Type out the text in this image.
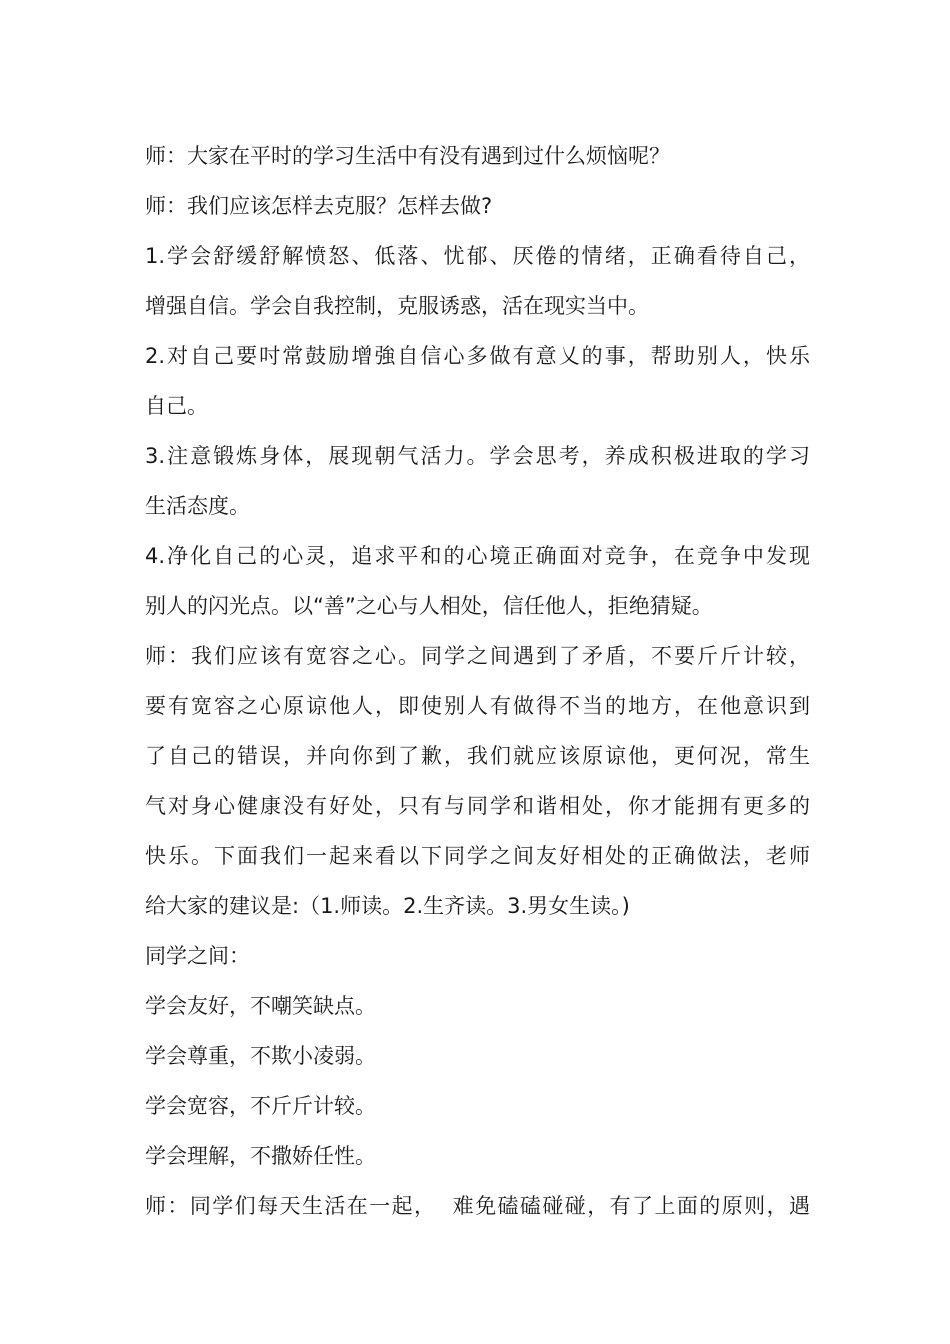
师：大家在平时的学习生活中有没有遇到过什么烦恼呢？
师：我们应该怎样去克服？怎样去做?
1.学会舒缓舒解愤怒、低落、忧郁、厌倦的情绪，正确看待自己，
增强自信。学会自我控制，克服诱惑，活在现实当中。
2.对自己要吋常鼓励增強自信心多做有意乂的事，帮助别人，快乐
自己。
3.注意锻炼身体，展现朝气活力。学会思考，养成积极进取的学习
生活态度。
4.净化自己的心灵，追求平和的心境正确面对竞争，在竞争中发现
别人的闪光点。以“善”之心与人相处，信任他人，拒绝猜疑。
师：我们应该有宽容之心。同学之间遇到了矛盾，不要斤斤计较，
要有宽容之心原谅他人，即使别人有做得不当的地方，在他意识到
了自己的错误，并向你到了歉，我们就应该原谅他，更何况，常生
气对身心健康没有好处，只有与同学和谐相处，你才能拥有更多的
快乐。下面我们一起来看以下同学之间友好相处的正确做法，老师
给大家的建议是:（1.师读。2.生齐读。3.男女生读。)
同学之间：
学会友好，不嘲笑缺点。
学会尊重，不欺小凌弱。
学会宽容，不斤斤计较。
学会理解，不撒娇任性。
师：同学们每天生活在一起，  难免磕磕碰碰，有了上面的原则，遇
